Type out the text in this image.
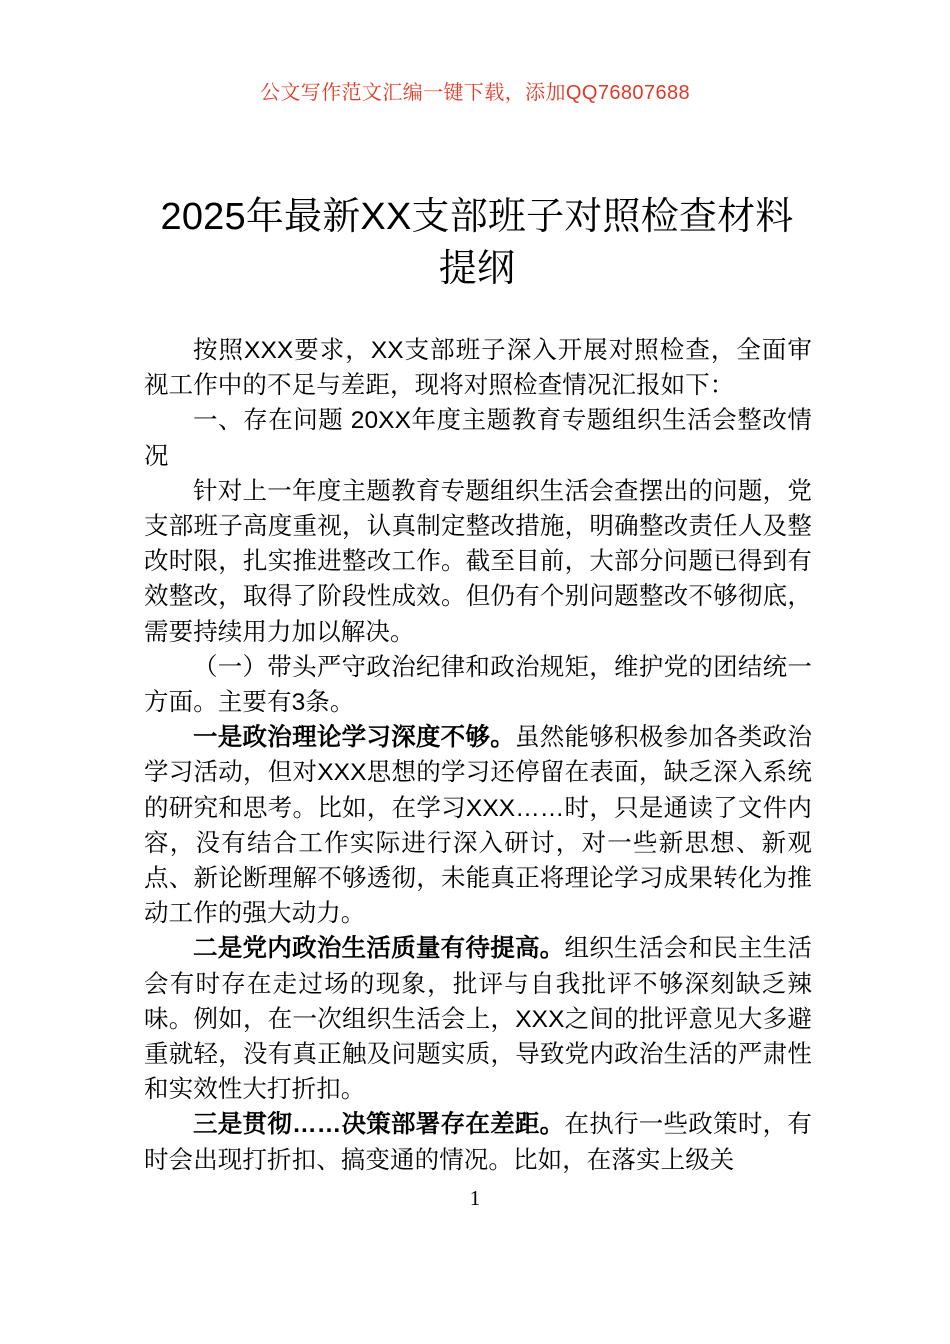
公文写作范文汇编一键下载，添加QQ76807688
2025年最新XX支部班子对照检查材料提纲

按照XXX要求，XX支部班子深入开展对照检查，全面审视工作中的不足与差距，现将对照检查情况汇报如下：

一、存在问题 20XX年度主题教育专题组织生活会整改情况

针对上一年度主题教育专题组织生活会查摆出的问题，党支部班子高度重视，认真制定整改措施，明确整改责任人及整改时限，扎实推进整改工作。截至目前，大部分问题已得到有效整改，取得了阶段性成效。但仍有个别问题整改不够彻底，需要持续用力加以解决。

（一）带头严守政治纪律和政治规矩，维护党的团结统一方面。主要有3条。

一是政治理论学习深度不够。虽然能够积极参加各类政治学习活动，但对XXX思想的学习还停留在表面，缺乏深入系统的研究和思考。比如，在学习XXX……时，只是通读了文件内容，没有结合工作实际进行深入研讨，对一些新思想、新观点、新论断理解不够透彻，未能真正将理论学习成果转化为推动工作的强大动力。

二是党内政治生活质量有待提高。组织生活会和民主生活会有时存在走过场的现象，批评与自我批评不够深刻缺乏辣味。例如，在一次组织生活会上，XXX之间的批评意见大多避重就轻，没有真正触及问题实质，导致党内政治生活的严肃性和实效性大打折扣。

三是贯彻……决策部署存在差距。在执行一些政策时，有时会出现打折扣、搞变通的情况。比如，在落实上级关

1
